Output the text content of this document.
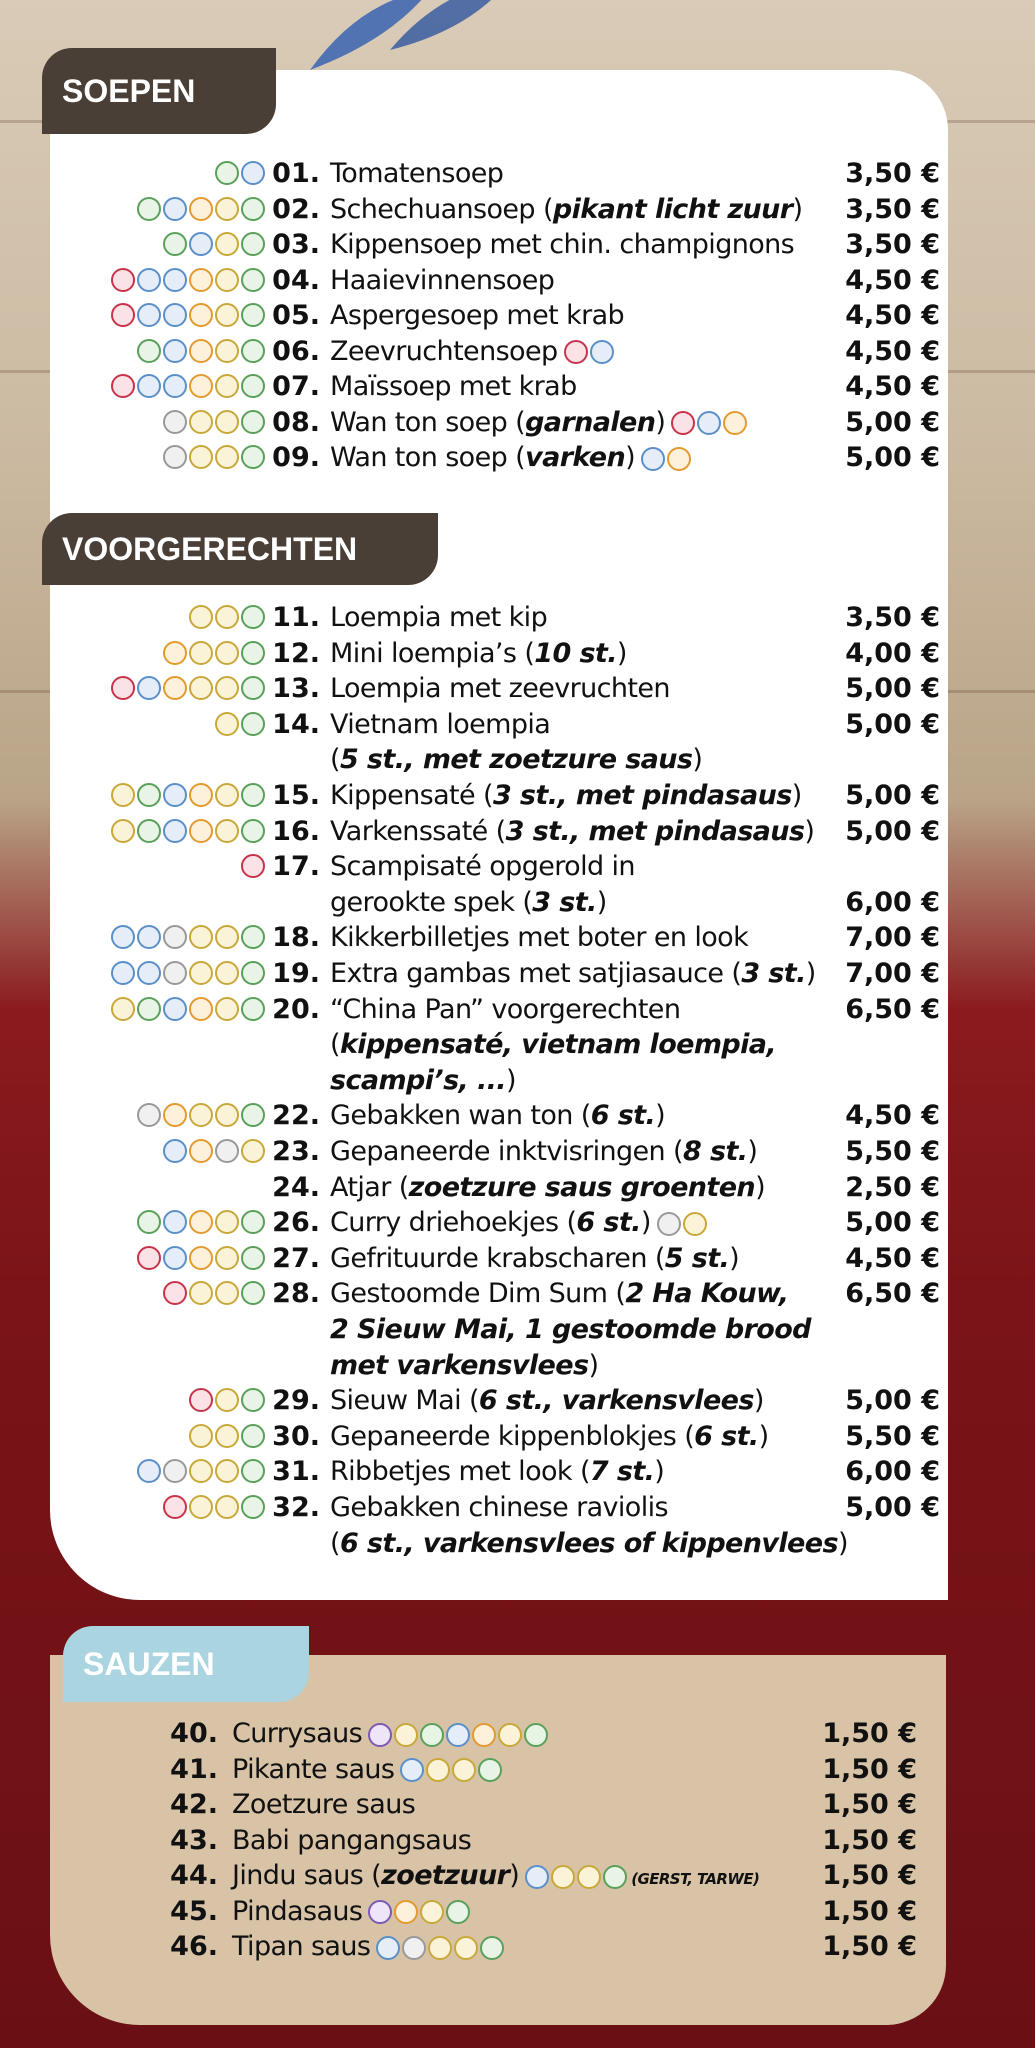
SOEPEN
VOORGERECHTEN
SAUZEN
01. Tomatensoep	3,50 €
02. Schechuansoep (pikant licht zuur) 3,50 €
03. Kippensoep met chin. champignons 3,50 €
04. Haaievinnensoep	4,50 €
05. Aspergesoep met krab	4,50 €
06. Zeevruchtensoep	4,50 €
07. Maïssoep met krab	4,50 €
08. Wan ton soep (garnalen)	5,00 €
09. Wan ton soep (varken)	5,00 €
11. Loempia met kip	3,50 €
12. Mini loempia’s (10 st.)	4,00 €
13. Loempia met zeevruchten	5,00 €
14. Vietnam loempia	5,00 €
(5 st., met zoetzure saus)
15. Kippensaté (3 st., met pindasaus) 5,00 €
16. Varkenssaté (3 st., met pindasaus) 5,00 €
17. Scampisaté opgerold in
gerookte spek (3 st.)	6,00 €
18. Kikkerbilletjes met boter en look	7,00 €
19. Extra gambas met satjiasauce (3 st.) 7,00 €
20. “China Pan” voorgerechten	6,50 €
(kippensaté, vietnam loempia,
scampi’s, ...)
22. Gebakken wan ton (6 st.)	4,50 €
23. Gepaneerde inktvisringen (8 st.)	5,50 €
24. Atjar (zoetzure saus groenten)	2,50 €
26. Curry driehoekjes (6 st.)	5,00 €
27. Gefrituurde krabscharen (5 st.)	4,50 €
28. Gestoomde Dim Sum (2 Ha Kouw, 6,50 €
2 Sieuw Mai, 1 gestoomde brood
met varkensvlees)
29. Sieuw Mai (6 st., varkensvlees)	5,00 €
30. Gepaneerde kippenblokjes (6 st.)	5,50 €
31. Ribbetjes met look (7 st.)	6,00 €
32. Gebakken chinese raviolis	5,00 €
(6 st., varkensvlees of kippenvlees)
40. Currysaus	1,50 €
41. Pikante saus	1,50 €
42. Zoetzure saus	1,50 €
43. Babi pangangsaus	1,50 €
44. Jindu saus (zoetzuur)	(GERST, TARWE) 1,50 €
45. Pindasaus	1,50 €
46. Tipan saus	1,50 €
